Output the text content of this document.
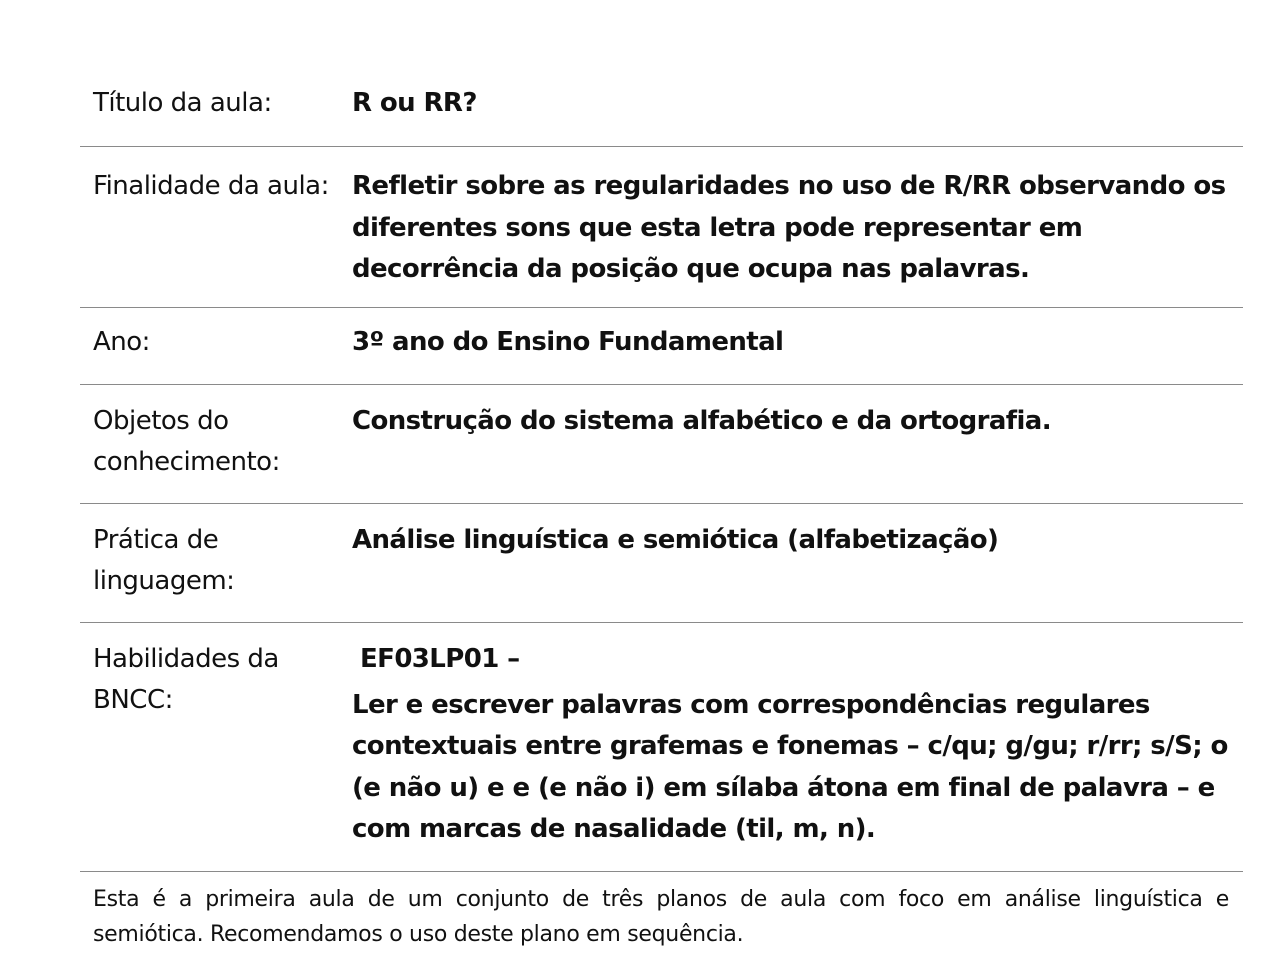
Título da aula:	R ou RR?
Finalidade da aula: Refletir sobre as regularidades no uso de R/RR observando os diferentes sons que esta letra pode representar em decorrência da posição que ocupa nas palavras.
Ano:	3º ano do Ensino Fundamental
Objetos do conhecimento:
Construção do sistema alfabético e da ortografia.
Prática de linguagem:
Análise linguística e semiótica (alfabetização)
Habilidades da BNCC:
EF03LP01 –
Ler e escrever palavras com correspondências regulares contextuais entre grafemas e fonemas – c/qu; g/gu; r/rr; s/S; o (e não u) e e (e não i) em sílaba átona em final de palavra – e com marcas de nasalidade (til, m, n).
Esta é a primeira aula de um conjunto de três planos de aula com foco em análise linguística e semiótica. Recomendamos o uso deste plano em sequência.
